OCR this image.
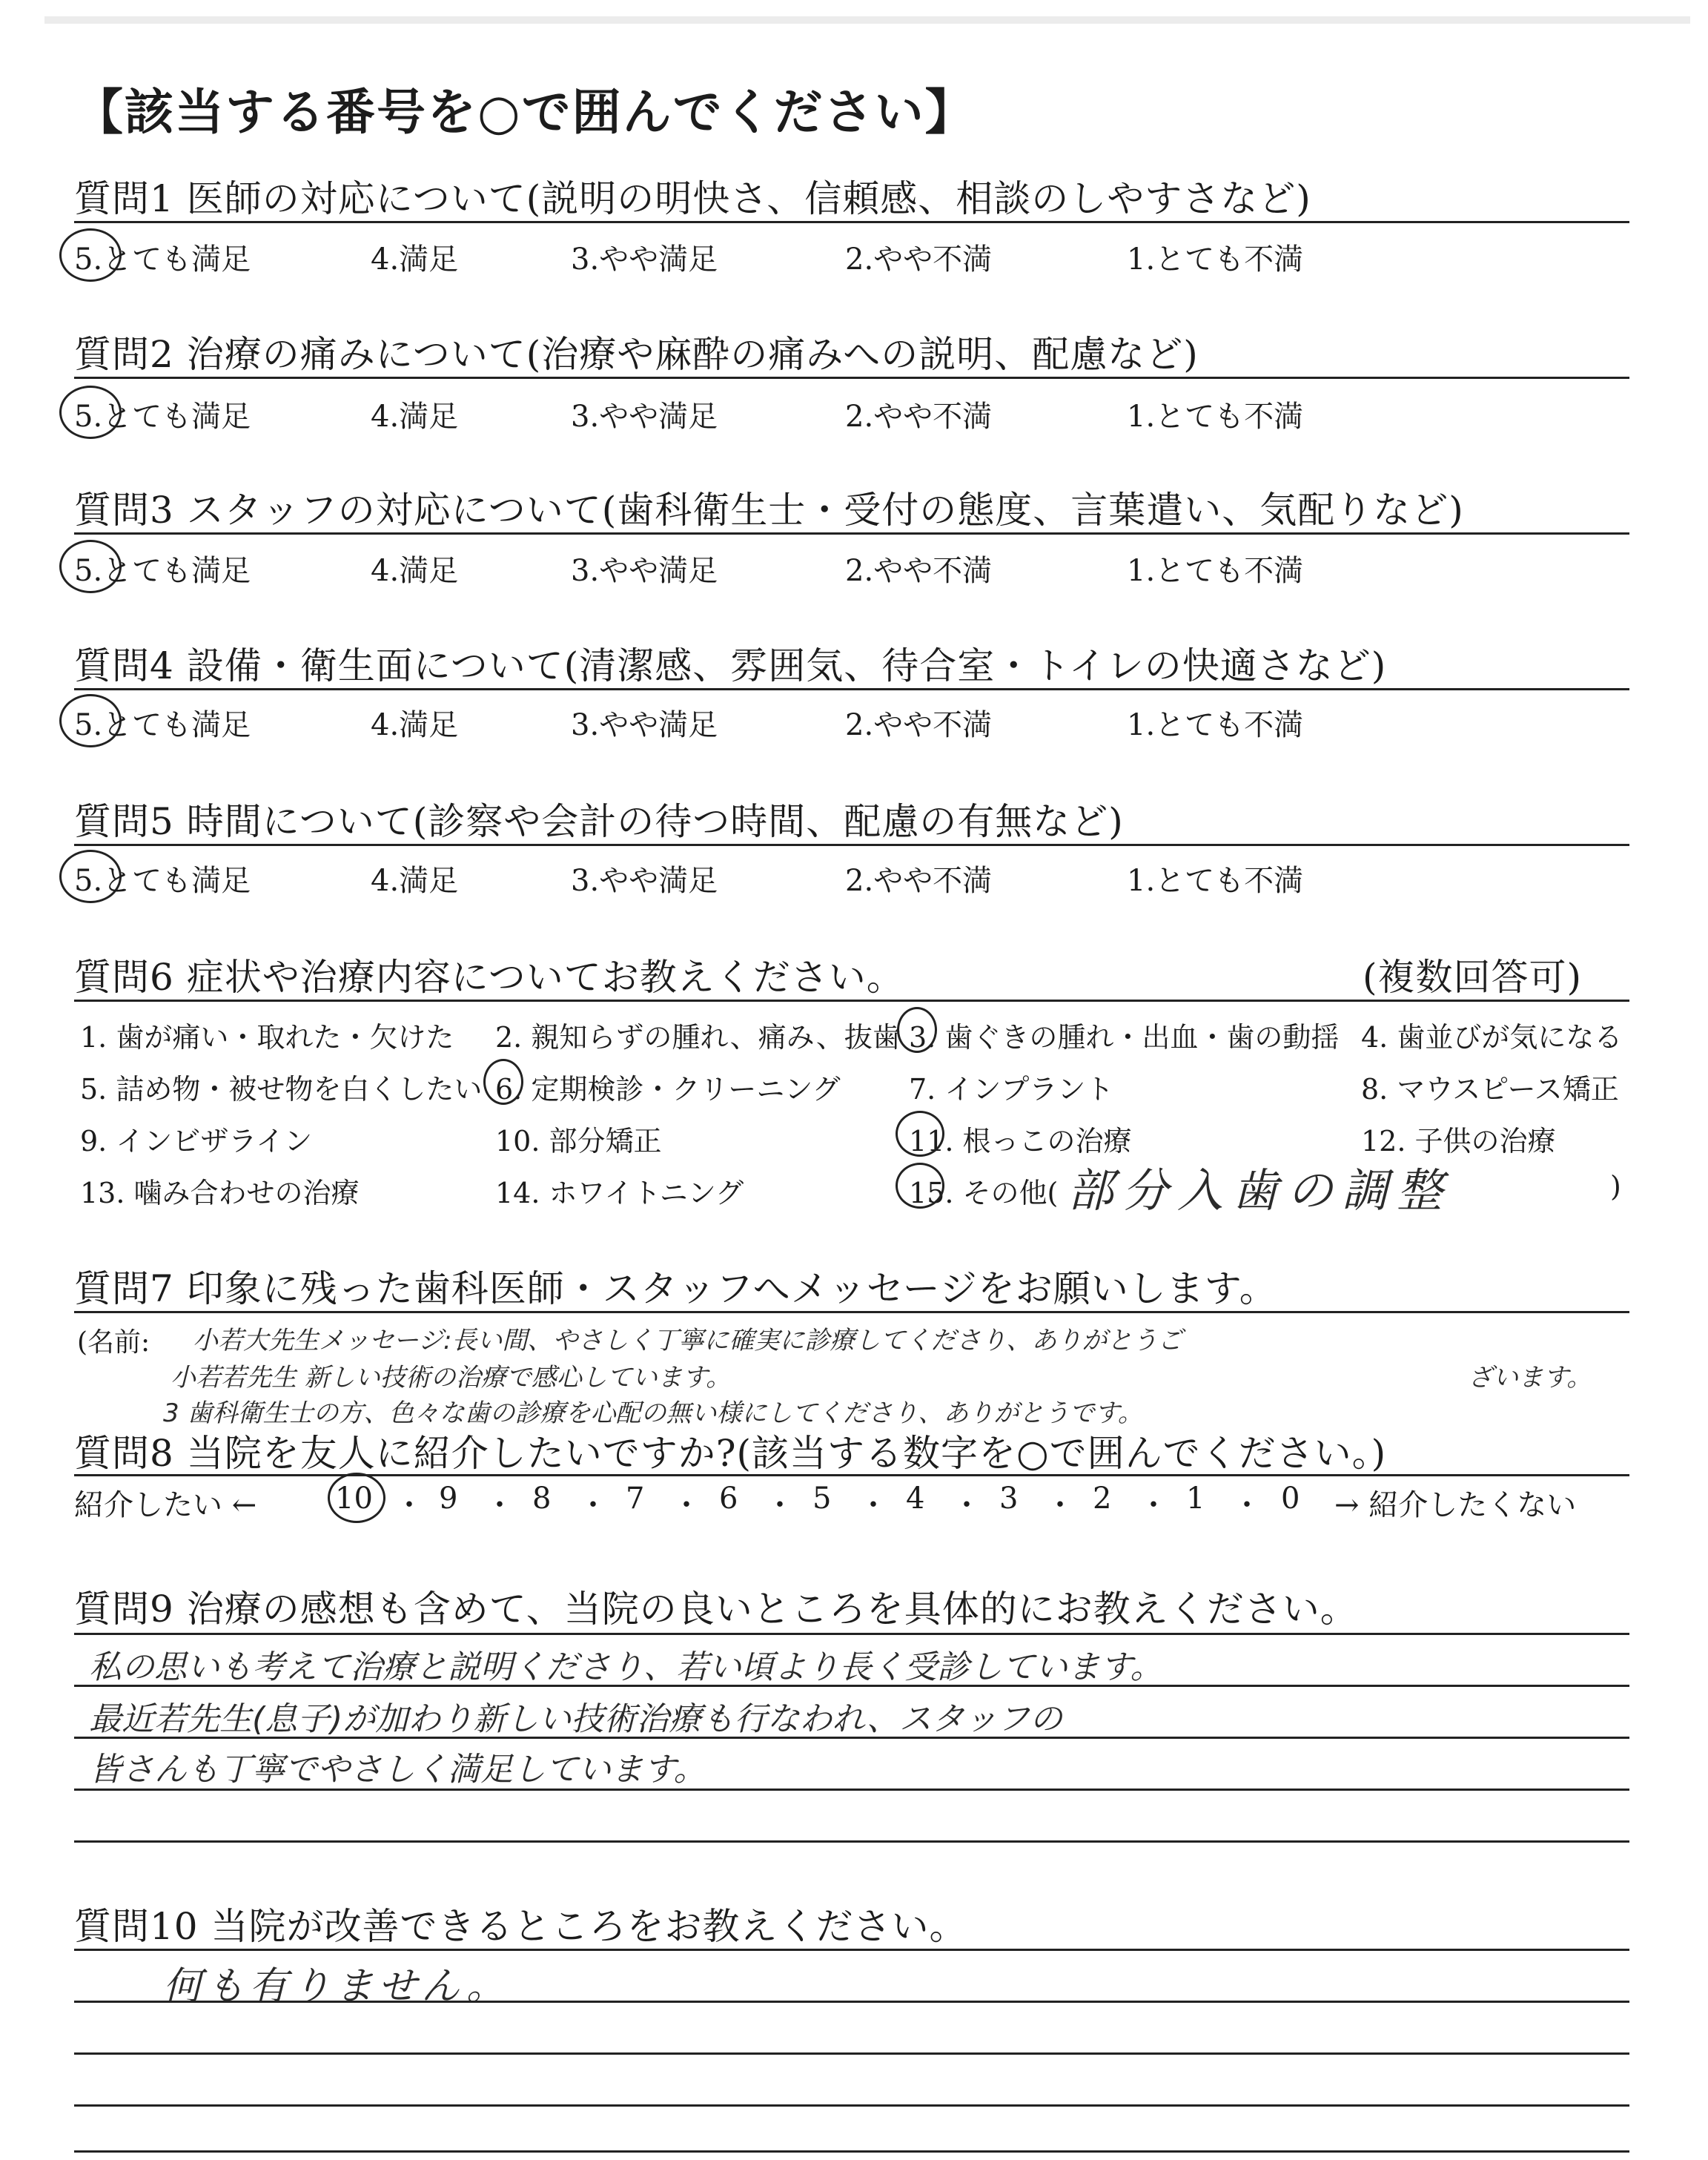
【該当する番号を○で囲んでください】
質問1 医師の対応について(説明の明快さ、信頼感、相談のしやすさなど)
5.とても満足	4.満足	3.やや満足	2.やや不満	1.とても不満
質問2 治療の痛みについて(治療や麻酔の痛みへの説明、配慮など)
5.とても満足	4.満足	3.やや満足	2.やや不満	1.とても不満
質問3 スタッフの対応について(歯科衛生士・受付の態度、言葉遣い、気配りなど)
5.とても満足	4.満足	3.やや満足	2.やや不満	1.とても不満
質問4 設備・衛生面について(清潔感、雰囲気、待合室・トイレの快適さなど)
5.とても満足	4.満足	3.やや満足	2.やや不満	1.とても不満
質問5 時間について(診察や会計の待つ時間、配慮の有無など)
5.とても満足	4.満足	3.やや満足	2.やや不満	1.とても不満
質問6 症状や治療内容についてお教えください。	(複数回答可)
1. 歯が痛い・取れた・欠けた 2. 親知らずの腫れ、痛み、抜歯 3. 歯ぐきの腫れ・出血・歯の動揺 4. 歯並びが気になる
5. 詰め物・被せ物を白くしたい 6. 定期検診・クリーニング 7. インプラント	8. マウスピース矯正
9. インビザライン	10. 部分矯正	11. 根っこの治療	12. 子供の治療
13. 噛み合わせの治療	14. ホワイトニング	15. その他( 部分入歯の調整	)
質問7 印象に残った歯科医師・スタッフへメッセージをお願いします。
(名前: 小若大先生メッセージ:長い間、やさしく丁寧に確実に診療してくださり、ありがとうご
小若若先生 新しい技術の治療で感心しています。	ざいます。
3 歯科衛生士の方、色々な歯の診療を心配の無い様にしてくださり、ありがとうです。
質問8 当院を友人に紹介したいですか?(該当する数字を○で囲んでください。)
紹介したい ←	10 ・ 9 ・ 8 ・ 7 ・ 6 ・ 5 ・ 4 ・ 3 ・ 2 ・ 1 ・ 0 → 紹介したくない
質問9 治療の感想も含めて、当院の良いところを具体的にお教えください。
私の思いも考えて治療と説明くださり、若い頃より長く受診しています。
最近若先生(息子)が加わり新しい技術治療も行なわれ、スタッフの
皆さんも丁寧でやさしく満足しています。
質問10 当院が改善できるところをお教えください。
何も有りません。
